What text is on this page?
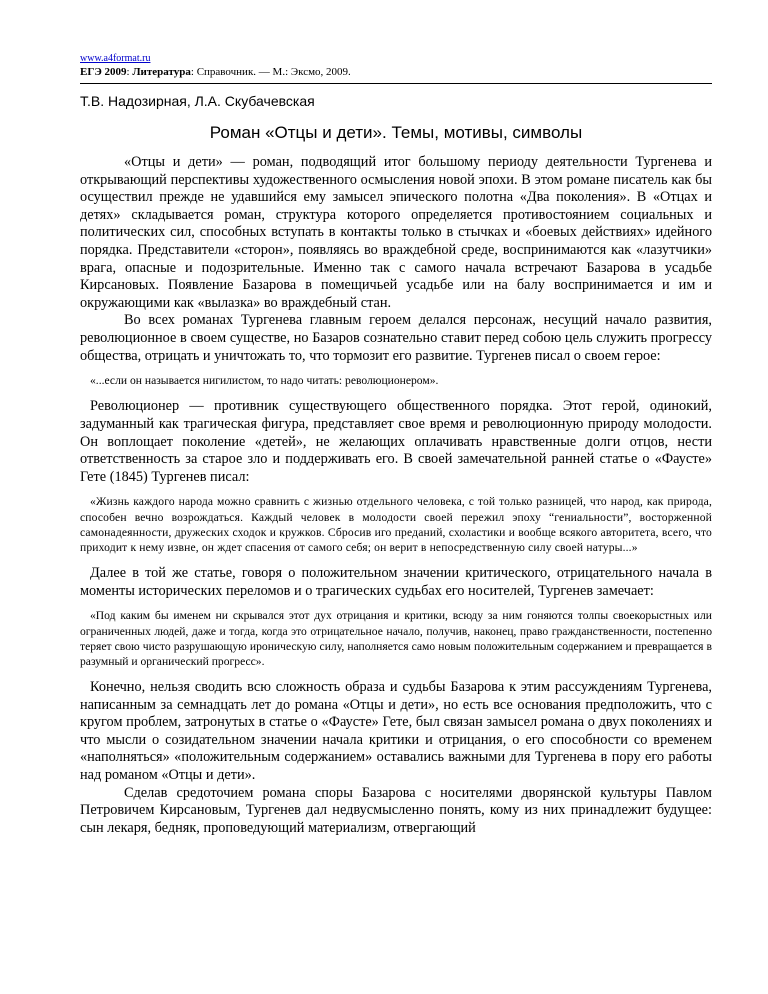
www.a4format.ru
ЕГЭ 2009: Литература: Справочник. — М.: Эксмо, 2009.
Т.В. Надозирная, Л.А. Скубачевская
Роман «Отцы и дети». Темы, мотивы, символы

«Отцы и дети» — роман, подводящий итог большому периоду деятельности Тургенева и открывающий перспективы художественного осмысления новой эпохи. В этом романе писатель как бы осуществил прежде не удавшийся ему замысел эпического полотна «Два поколения». В «Отцах и детях» складывается роман, структура которого определяется противостоянием социальных и политических сил, способных вступать в контакты только в стычках и «боевых действиях» идейного порядка. Представители «сторон», появляясь во враждебной среде, воспринимаются как «лазутчики» врага, опасные и подозрительные. Именно так с самого начала встречают Базарова в усадьбе Кирсановых. Появление Базарова в помещичьей усадьбе или на балу воспринимается и им и окружающими как «вылазка» во враждебный стан.

Во всех романах Тургенева главным героем делался персонаж, несущий начало развития, революционное в своем существе, но Базаров сознательно ставит перед собою цель служить прогрессу общества, отрицать и уничтожать то, что тормозит его развитие. Тургенев писал о своем герое:

«...если он называется нигилистом, то надо читать: революционером».

Революционер — противник существующего общественного порядка. Этот герой, одинокий, задуманный как трагическая фигура, представляет свое время и революционную природу молодости. Он воплощает поколение «детей», не желающих оплачивать нравственные долги отцов, нести ответственность за старое зло и поддерживать его. В своей замечательной ранней статье о «Фаусте» Гете (1845) Тургенев писал:

«Жизнь каждого народа можно сравнить с жизнью отдельного человека, с той только разницей, что народ, как природа, способен вечно возрождаться. Каждый человек в молодости своей пережил эпоху “гениальности”, восторженной самонадеянности, дружеских сходок и кружков. Сбросив иго преданий, схоластики и вообще всякого авторитета, всего, что приходит к нему извне, он ждет спасения от самого себя; он верит в непосредственную силу своей натуры...»

Далее в той же статье, говоря о положительном значении критического, отрицательного начала в моменты исторических переломов и о трагических судьбах его носителей, Тургенев замечает:

«Под каким бы именем ни скрывался этот дух отрицания и критики, всюду за ним гоняются толпы своекорыстных или ограниченных людей, даже и тогда, когда это отрицательное начало, получив, наконец, право гражданственности, постепенно теряет свою чисто разрушающую ироническую силу, наполняется само новым положительным содержанием и превращается в разумный и органический прогресс».

Конечно, нельзя сводить всю сложность образа и судьбы Базарова к этим рассуждениям Тургенева, написанным за семнадцать лет до романа «Отцы и дети», но есть все основания предположить, что с кругом проблем, затронутых в статье о «Фаусте» Гете, был связан замысел романа о двух поколениях и что мысли о созидательном значении начала критики и отрицания, о его способности со временем «наполняться» «положительным содержанием» оставались важными для Тургенева в пору его работы над романом «Отцы и дети».

Сделав средоточием романа споры Базарова с носителями дворянской культуры Павлом Петровичем Кирсановым, Тургенев дал недвусмысленно понять, кому из них принадлежит будущее: сын лекаря, бедняк, проповедующий материализм, отвергающий
